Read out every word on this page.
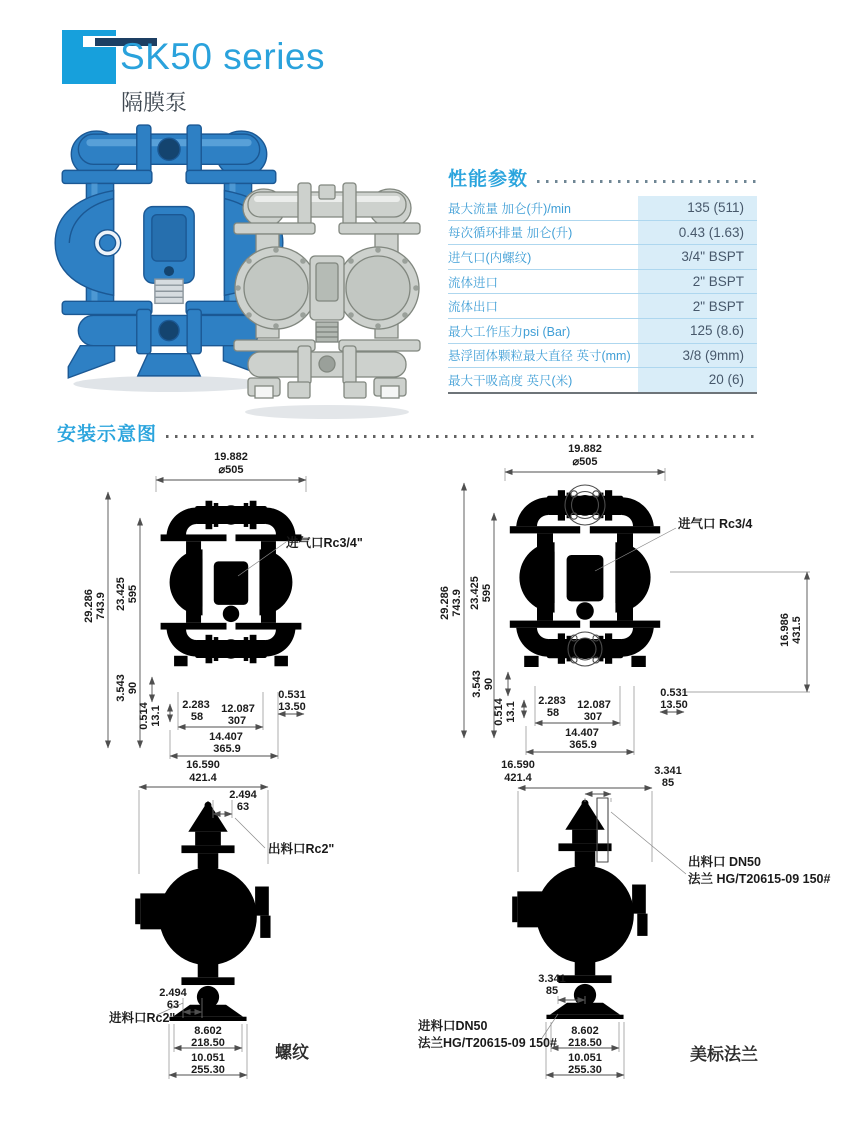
SK50 series
隔膜泵
性能参数
最大流量 加仑(升)/min	135 (511)
每次循环排量 加仑(升)	0.43 (1.63)
进气口(内螺纹)	3/4" BSPT
流体进口	2" BSPT
流体出口	2" BSPT
最大工作压力psi (Bar)	125 (8.6)
悬浮固体颗粒最大直径 英寸(mm)	3/8 (9mm)
最大干吸高度 英尺(米)	20 (6)
安装示意图
19.882
⌀505
29.286 743.9 23.425 595
3.543 90
0.514 13.1
2.283
58
12.087
307
14.407
365.9
0.531
13.50
进气口Rc3/4"
19.882
⌀505
29.286 743.9 23.425 595
16.986 431.5
3.543 90
0.514 13.1
2.283
58
12.087
307
14.407
365.9
0.531
13.50
进气口 Rc3/4
16.590
421.4
2.494
63
出料口Rc2"
2.494
63
进料口Rc2"
8.602
218.50
10.051
255.30
螺纹
16.590
421.4
3.341
85
出料口 DN50
法兰 HG/T20615-09 150#
3.341
85
进料口DN50
法兰HG/T20615-09 150#
8.602
218.50
10.051
255.30
美标法兰
